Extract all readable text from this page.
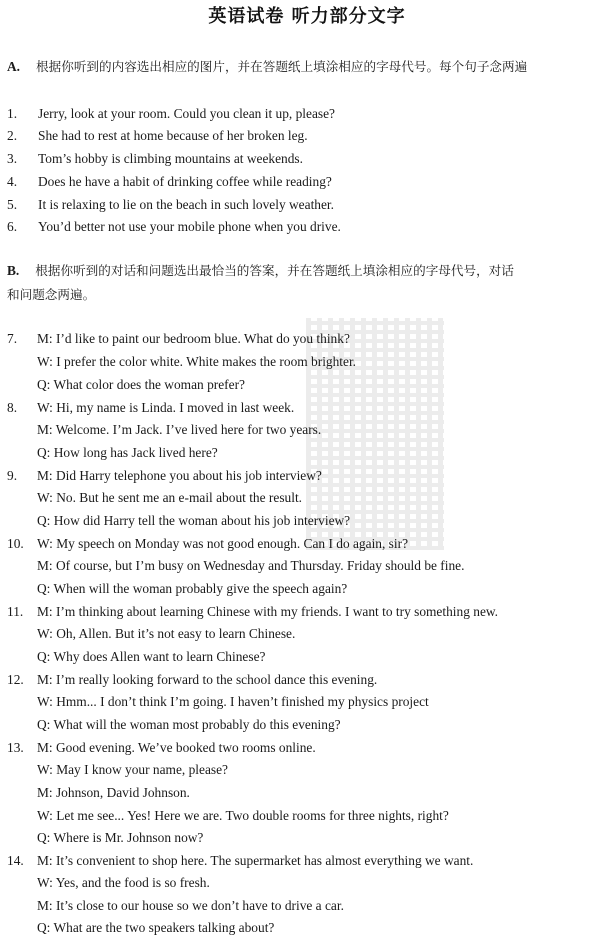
英语试卷 听力部分文字
A. 根据你听到的内容选出相应的图片，并在答题纸上填涂相应的字母代号。每个句子念两遍
1. Jerry, look at your room. Could you clean it up, please?
2. She had to rest at home because of her broken leg.
3. Tom’s hobby is climbing mountains at weekends.
4. Does he have a habit of drinking coffee while reading?
5. It is relaxing to lie on the beach in such lovely weather.
6. You’d better not use your mobile phone when you drive.
B. 根据你听到的对话和问题选出最恰当的答案，并在答题纸上填涂相应的字母代号，对话
和问题念两遍。
7. M: I’d like to paint our bedroom blue. What do you think?
W: I prefer the color white. White makes the room brighter.
Q: What color does the woman prefer?
8. W: Hi, my name is Linda. I moved in last week.
M: Welcome. I’m Jack. I’ve lived here for two years.
Q: How long has Jack lived here?
9. M: Did Harry telephone you about his job interview?
W: No. But he sent me an e-mail about the result.
Q: How did Harry tell the woman about his job interview?
10. W: My speech on Monday was not good enough. Can I do again, sir?
M: Of course, but I’m busy on Wednesday and Thursday. Friday should be fine.
Q: When will the woman probably give the speech again?
11. M: I’m thinking about learning Chinese with my friends. I want to try something new.
W: Oh, Allen. But it’s not easy to learn Chinese.
Q: Why does Allen want to learn Chinese?
12. M: I’m really looking forward to the school dance this evening.
W: Hmm... I don’t think I’m going. I haven’t finished my physics project
Q: What will the woman most probably do this evening?
13. M: Good evening. We’ve booked two rooms online.
W: May I know your name, please?
M: Johnson, David Johnson.
W: Let me see... Yes! Here we are. Two double rooms for three nights, right?
Q: Where is Mr. Johnson now?
14. M: It’s convenient to shop here. The supermarket has almost everything we want.
W: Yes, and the food is so fresh.
M: It’s close to our house so we don’t have to drive a car.
Q: What are the two speakers talking about?
